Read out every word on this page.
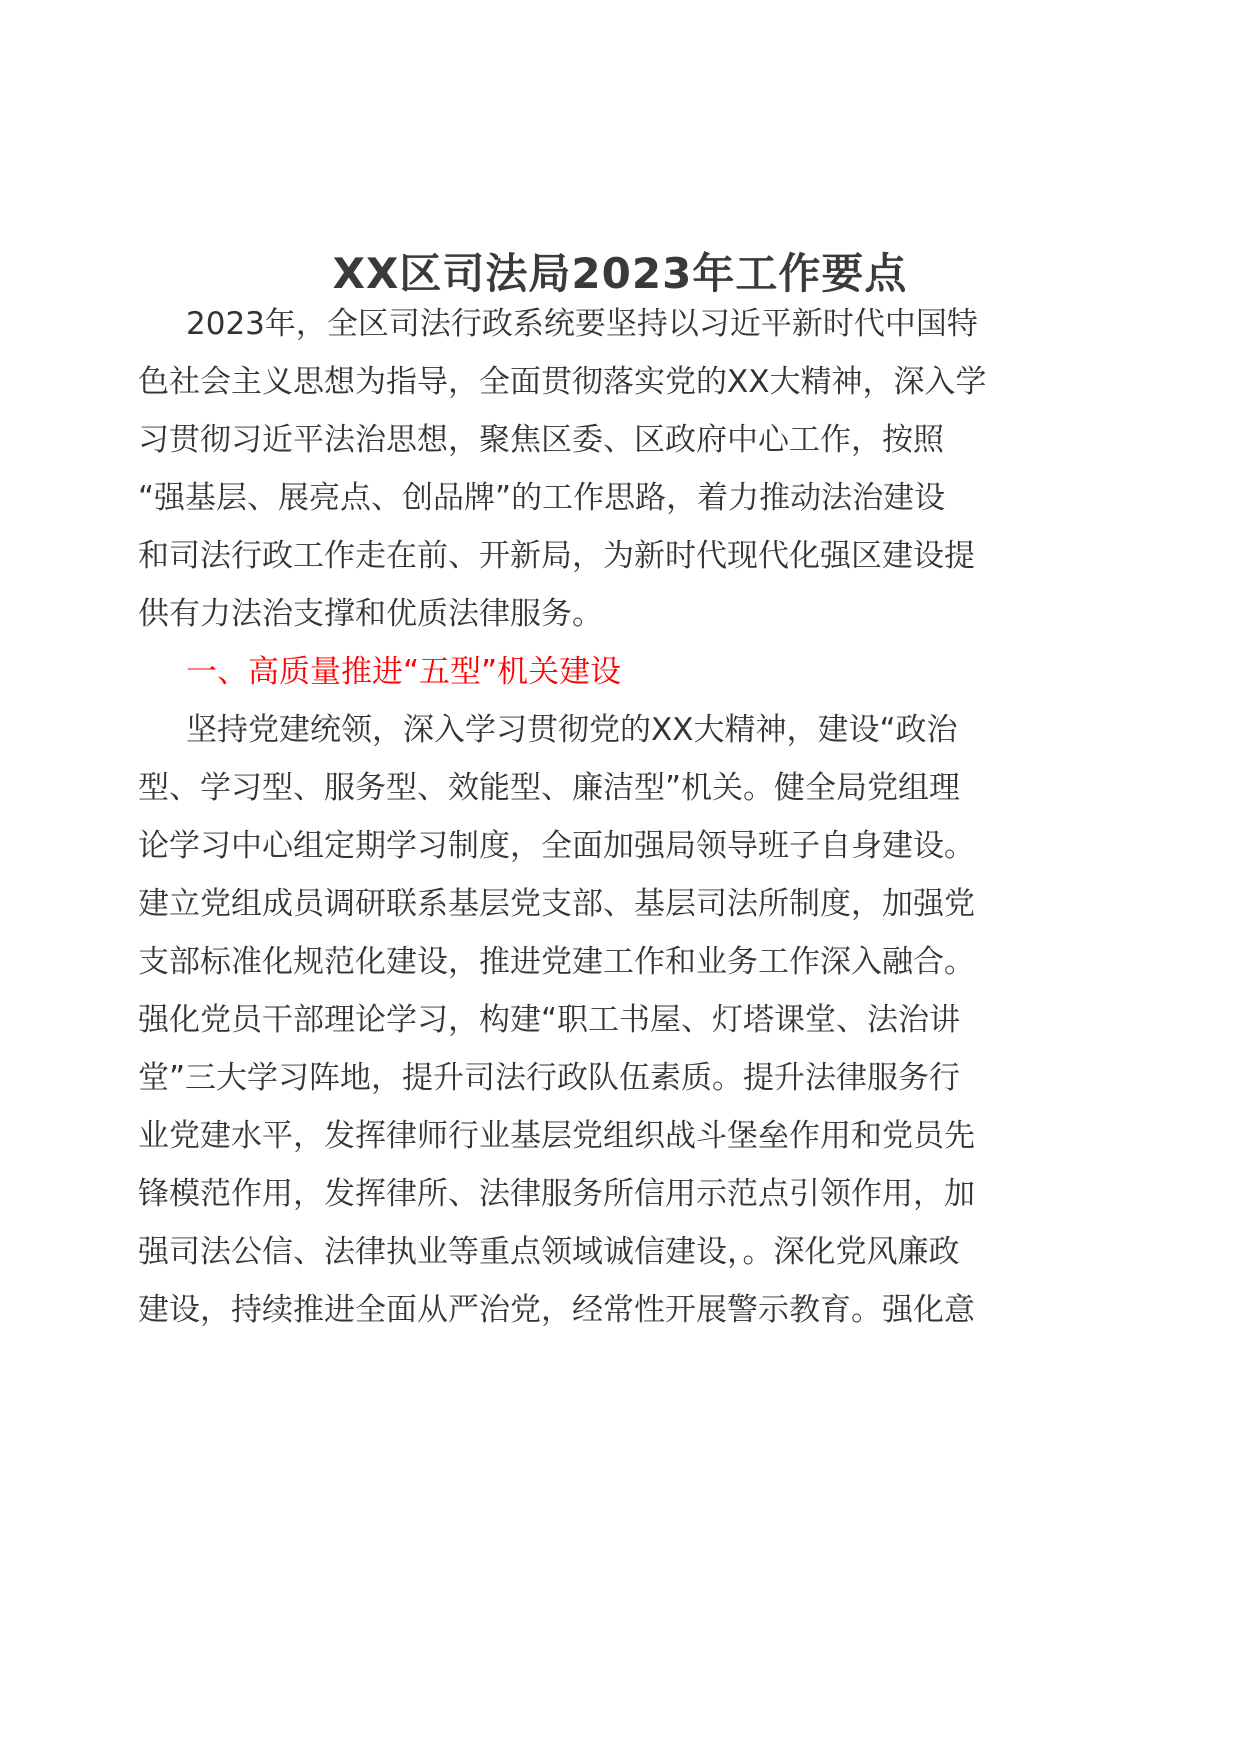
XX区司法局2023年工作要点

2023年，全区司法行政系统要坚持以习近平新时代中国特

色社会主义思想为指导，全面贯彻落实党的XX大精神，深入学

习贯彻习近平法治思想，聚焦区委、区政府中心工作，按照

“强基层、展亮点、创品牌”的工作思路，着力推动法治建设

和司法行政工作走在前、开新局，为新时代现代化强区建设提

供有力法治支撑和优质法律服务。

一、高质量推进“五型”机关建设

坚持党建统领，深入学习贯彻党的XX大精神，建设“政治

型、学习型、服务型、效能型、廉洁型”机关。健全局党组理

论学习中心组定期学习制度，全面加强局领导班子自身建设。

建立党组成员调研联系基层党支部、基层司法所制度，加强党

支部标准化规范化建设，推进党建工作和业务工作深入融合。

强化党员干部理论学习，构建“职工书屋、灯塔课堂、法治讲

堂”三大学习阵地，提升司法行政队伍素质。提升法律服务行

业党建水平，发挥律师行业基层党组织战斗堡垒作用和党员先

锋模范作用，发挥律所、法律服务所信用示范点引领作用，加

强司法公信、法律执业等重点领域诚信建设，。深化党风廉政

建设，持续推进全面从严治党，经常性开展警示教育。强化意
